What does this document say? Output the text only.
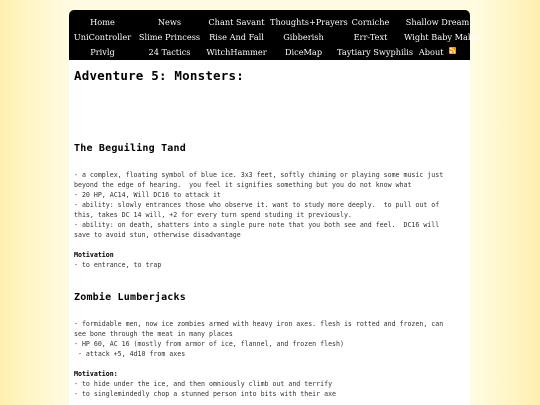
Home	News	Chant Savant Thoughts+Prayers Corniche	Shallow Dream
UniController Slime Princess	Rise And Fall	Gibberish	Err-Text	Wight Baby Maker
Privlg	24 Tactics	WitchHammer	DiceMap	Taytiary Swyphilis About
Adventure 5: Monsters:
The Beguiling Tand
- a complex, floating symbol of blue ice. 3x3 feet, softly chiming or playing some music just
beyond the edge of hearing.  you feel it signifies something but you do not know what
- 20 HP, AC14, Will DC16 to attack it
- ability: slowly entrances those who observe it. want to study more deeply.  to pull out of
this, takes DC 14 will, +2 for every turn spend studing it previously.
- ability: on death, shatters into a single pure note that you both see and feel.  DC16 will
save to avoid stun, otherwise disadvantage
Motivation
- to entrance, to trap
Zombie Lumberjacks
- formidable men, now ice zombies armed with heavy iron axes. flesh is rotted and frozen, can
see bone through the meat in many places
- HP 60, AC 16 (mostly from armor of ice, flannel, and frozen flesh)
- attack +5, 4d10 from axes
Motivation:
- to hide under the ice, and then omniously climb out and terrify
- to singlemindedly chop a stunned person into bits with their axe
